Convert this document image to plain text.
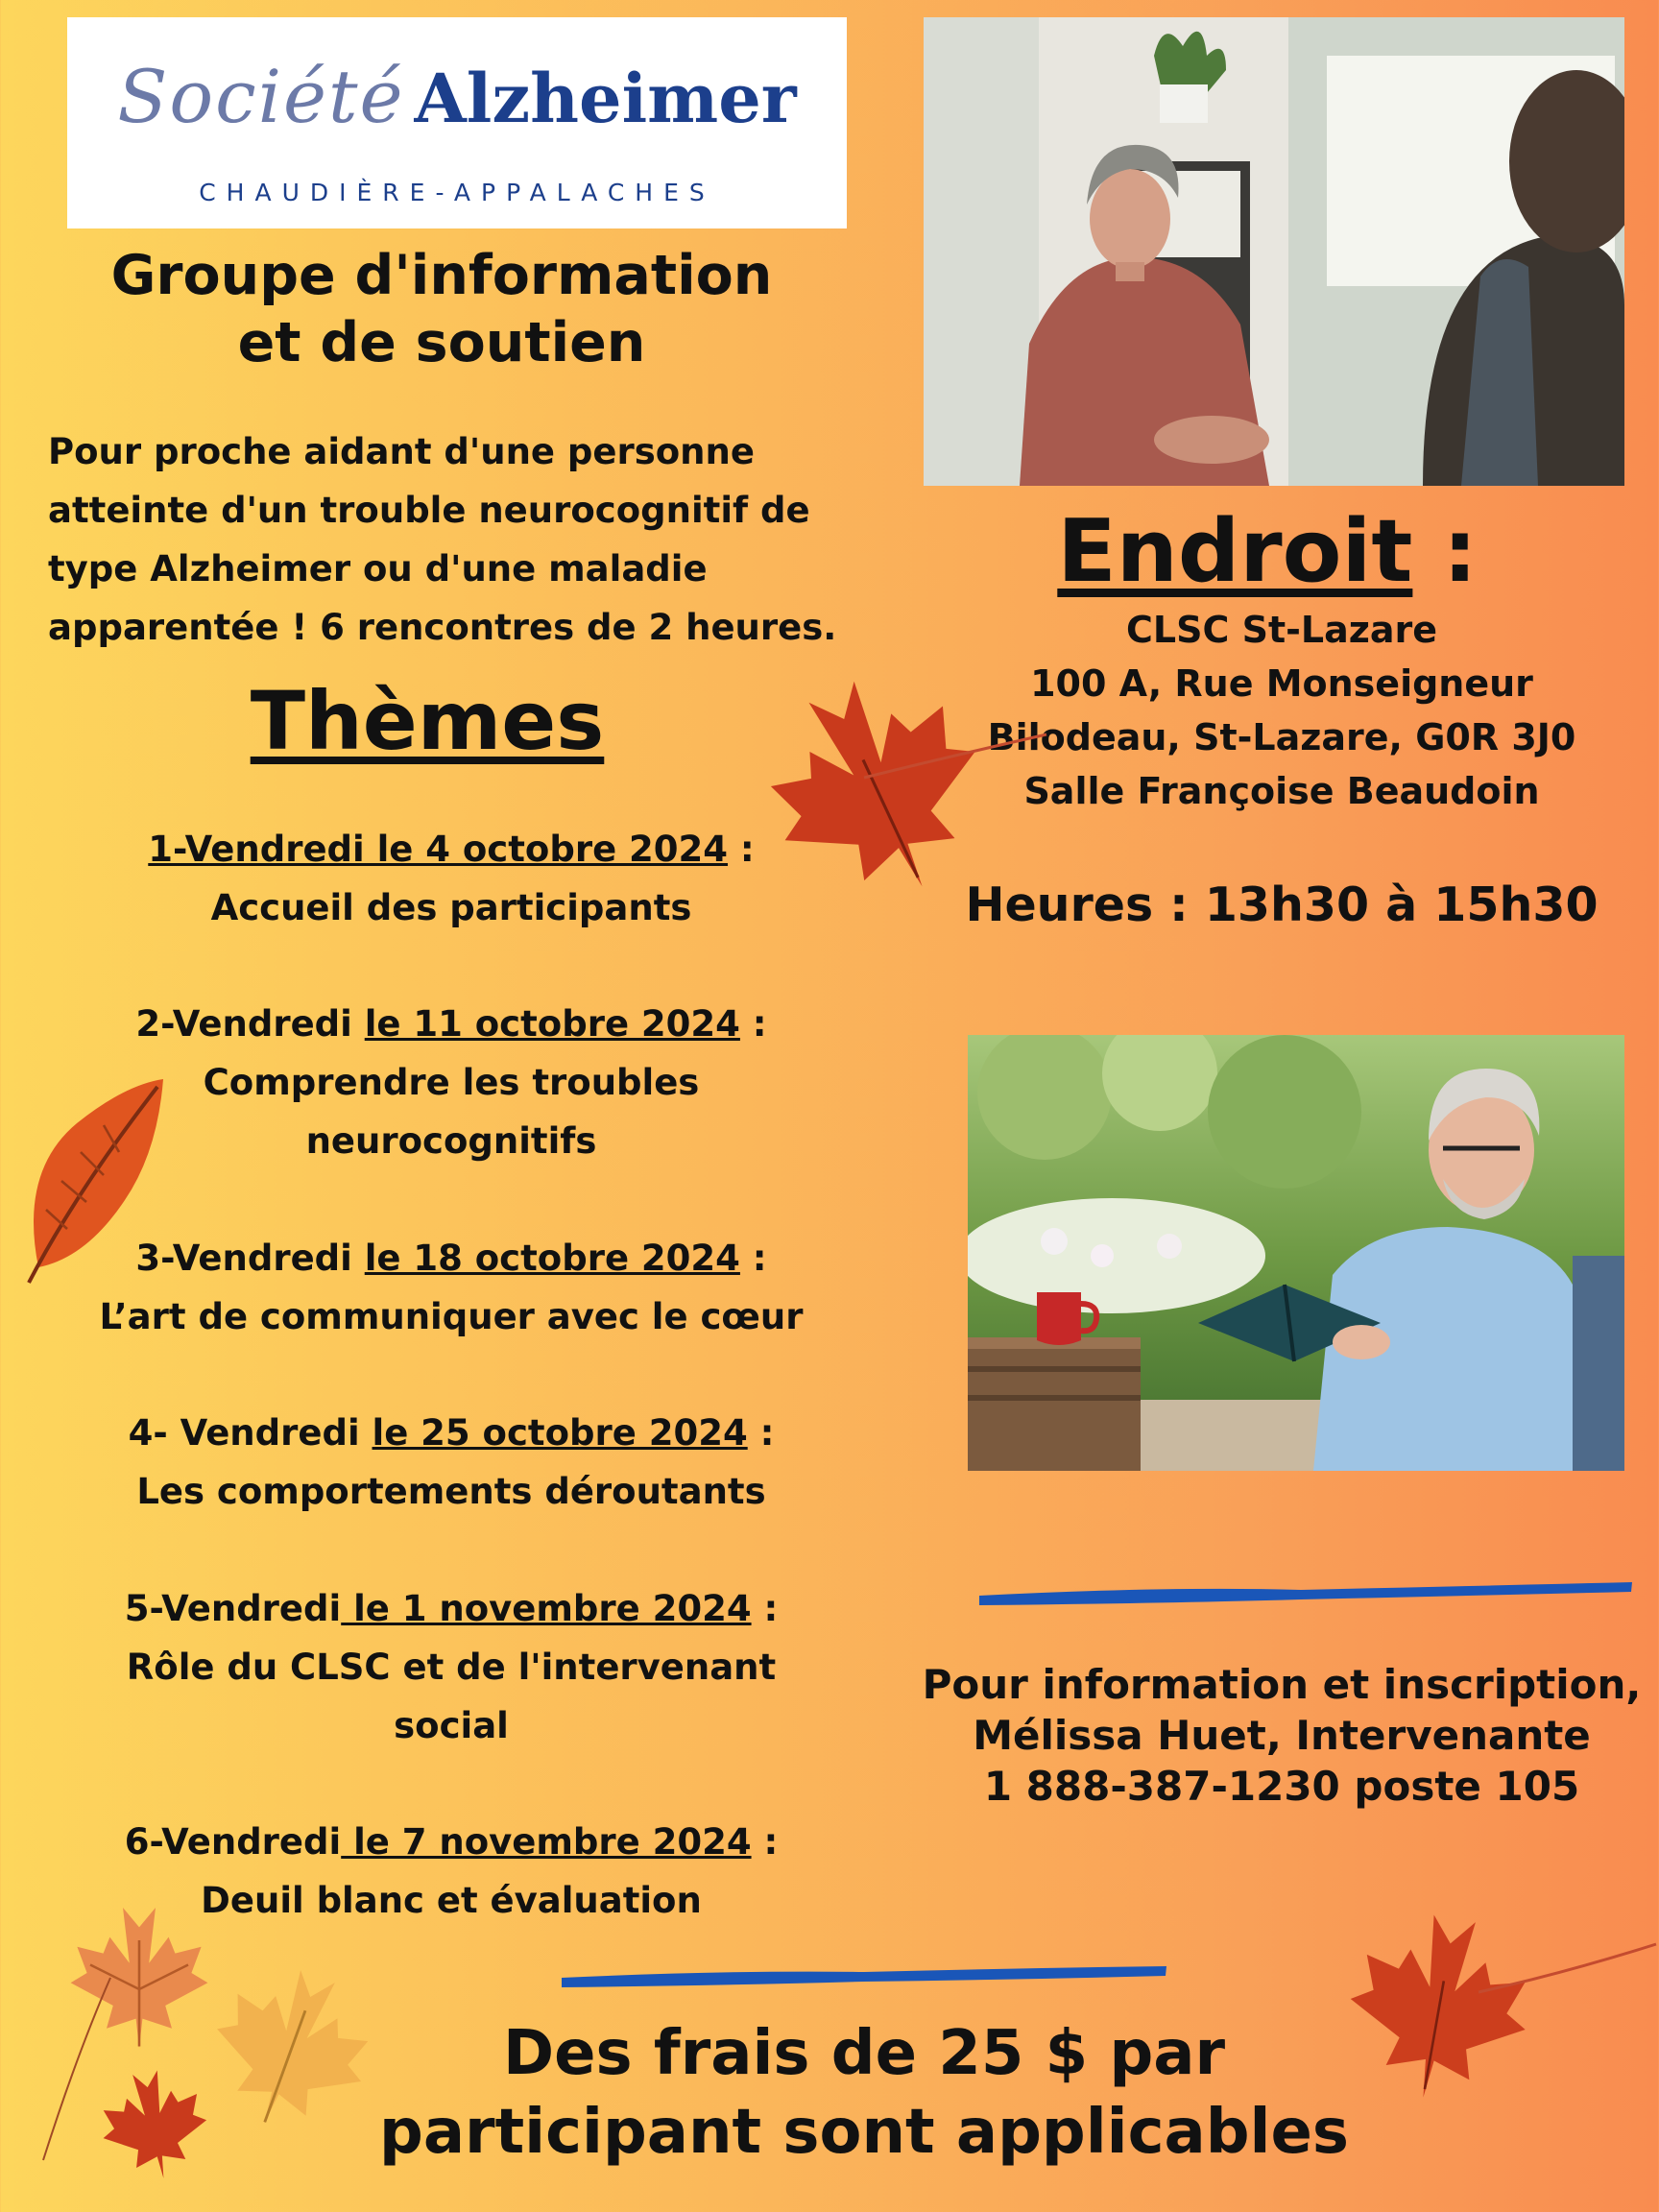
Société Alzheimer
CHAUDIÈRE-APPALACHES
Groupe d'information
et de soutien
Pour proche aidant d'une personne
atteinte d'un trouble neurocognitif de
type Alzheimer ou d'une maladie
apparentée ! 6 rencontres de 2 heures.
Thèmes
1-Vendredi le 4 octobre 2024 :
Accueil des participants
2-Vendredi le 11 octobre 2024 :
Comprendre les troubles
neurocognitifs
3-Vendredi le 18 octobre 2024 :
L’art de communiquer avec le cœur
4- Vendredi le 25 octobre 2024 :
Les comportements déroutants
5-Vendredi le 1 novembre 2024 :
Rôle du CLSC et de l'intervenant
social
6-Vendredi le 7 novembre 2024 :
Deuil blanc et évaluation
Endroit :
CLSC St-Lazare
100 A, Rue Monseigneur
Bilodeau, St-Lazare, G0R 3J0
Salle Françoise Beaudoin
Heures : 13h30 à 15h30
Pour information et inscription,
Mélissa Huet, Intervenante
1 888-387-1230 poste 105
Des frais de 25 $ par
participant sont applicables
